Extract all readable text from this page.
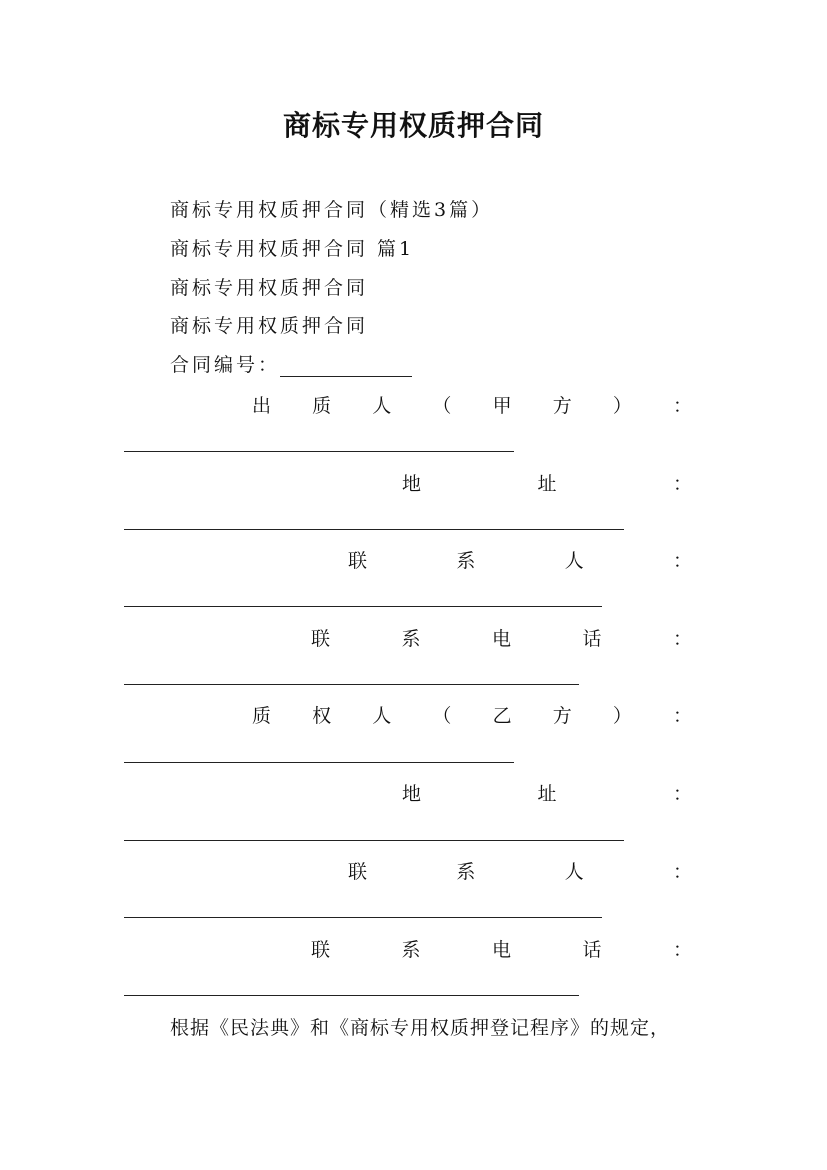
商标专用权质押合同
商标专用权质押合同（精选3篇）
商标专用权质押合同 篇1
商标专用权质押合同
商标专用权质押合同
合同编号：
出 质 人 （ 甲 方 ） ：
地	址	：
联	系	人	：
联	系	电	话	：
质 权 人 （ 乙 方 ） ：
地	址	：
联	系	人	：
联	系	电	话	：
根据《民法典》和《商标专用权质押登记程序》的规定，
